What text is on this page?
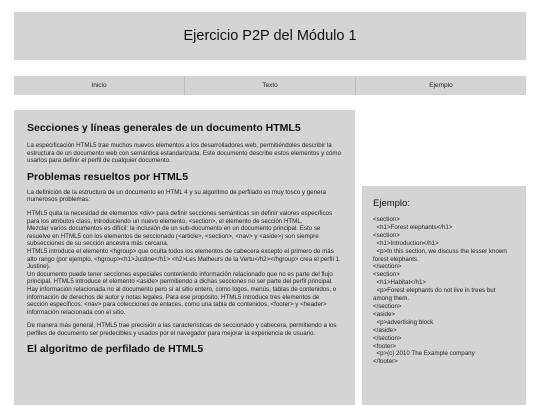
Ejercicio P2P del Módulo 1
Inicio	Texto	Ejemplo
Secciones y líneas generales de un documento HTML5

La especificación HTML5 trae muchos nuevos elementos a los desarrolladores web, permitiéndoles describir la estructura de un documento web con semántica estandarizada. Este documento describe estos elementos y cómo usarlos para definir el perfil de cualquier documento.

Problemas resueltos por HTML5

La definición de la estructura de un documento en HTML 4 y su algoritmo de perfilado es muy tosco y genera numerosos problemas:

HTML5 quita la necesidad de elementos <div> para definir secciones semánticas sin definir valores específicos para los atributos class, introduciendo un nuevo elemento, <section>, el elemento de sección HTML.
Mezclar varios documentos es difícil: la inclusión de un sub-documento en un documento principal. Esto se resuelve en HTML5 con los elementos de seccionado (<article>, <section>, <nav> y <aside>) son siempre subsecciones de su sección ancestra más cercana.
HTML5 introduce el elemento <hgroup> que oculta todos los elementos de cabecera excepto el primero de más alto rango (por ejemplo, <hgroup><h1>Justine</h1> <h2>Les Malheurs de la Vertu</h2></hgroup> crea el perfil 1. Justine).
Un documento puede tener secciones especiales conteniendo información relacionado que no es parte del flujo principal. HTML5 introduce el elemento <aside> permitiendo a dichas secciones no ser parte del perfil principal.
Hay información relacionada no al documento pero sí al sitio entero, como logos, menús, tablas de contenidos, o información de derechos de autor y notas legales. Para ese propósito, HTML5 introduce tres elementos de sección específicos: <nav> para colecciones de enlaces, como una tabla de contenidos, <footer> y <header> información relacionada con el sitio.

De manera más general, HTML5 trae precisión a las características de seccionado y cabecera, permitiendo a los perfiles de documento ser predecibles y usados por el navegador para mejorar la experiencia de usuario.

El algoritmo de perfilado de HTML5
Ejemplo:
<section>
<h1>Forest elephants</h1>
<section>
<h1>Introduction</h1>
<p>In this section, we discuss the lesser known forest elephants.
</section>
<section>
<h1>Habitat</h1>
<p>Forest elephants do not live in trees but among them.
</section>
<aside>
<p>advertising block
</aside>
</section>
<footer>
<p>(c) 2010 The Example company
</footer>
